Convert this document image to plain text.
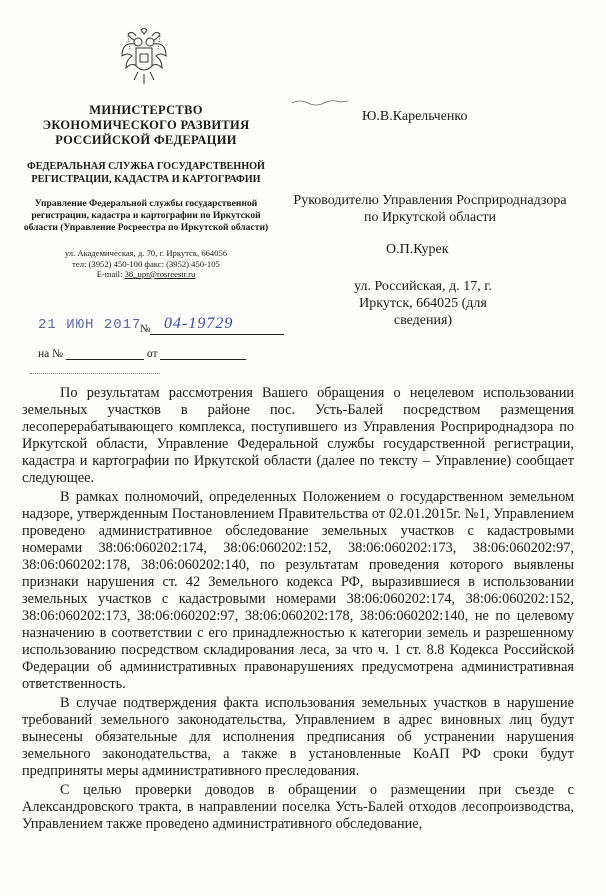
МИНИСТЕРСТВО ЭКОНОМИЧЕСКОГО РАЗВИТИЯ РОССИЙСКОЙ ФЕДЕРАЦИИ

ФЕДЕРАЛЬНАЯ СЛУЖБА ГОСУДАРСТВЕННОЙ РЕГИСТРАЦИИ, КАДАСТРА И КАРТОГРАФИИ

Управление Федеральной службы государственной регистрации, кадастра и картографии по Иркутской области (Управление Росреестра по Иркутской области)

ул. Академическая, д. 70, г. Иркутск, 664056
тел: (3952) 450-100 факс: (3952) 450-105
E-mail: 38_upr@rosreestr.ru
21 ИЮН 2017
№ 04-19729
на №	от
Ю.В.Карельченко
Руководителю Управления Росприроднадзора по Иркутской области
О.П.Курек
ул. Российская, д. 17, г. Иркутск, 664025 (для сведения)

По результатам рассмотрения Вашего обращения о нецелевом использовании земельных участков в районе пос. Усть-Балей посредством размещения лесоперерабатывающего комплекса, поступившего из Управления Росприроднадзора по Иркутской области, Управление Федеральной службы государственной регистрации, кадастра и картографии по Иркутской области (далее по тексту – Управление) сообщает следующее.

В рамках полномочий, определенных Положением о государственном земельном надзоре, утвержденным Постановлением Правительства от 02.01.2015г. №1, Управлением проведено административное обследование земельных участков с кадастровыми номерами 38:06:060202:174, 38:06:060202:152, 38:06:060202:173, 38:06:060202:97, 38:06:060202:178, 38:06:060202:140, по результатам проведения которого выявлены признаки нарушения ст. 42 Земельного кодекса РФ, выразившиеся в использовании земельных участков с кадастровыми номерами 38:06:060202:174, 38:06:060202:152, 38:06:060202:173, 38:06:060202:97, 38:06:060202:178, 38:06:060202:140, не по целевому назначению в соответствии с его принадлежностью к категории земель и разрешенному использованию посредством складирования леса, за что ч. 1 ст. 8.8 Кодекса Российской Федерации об административных правонарушениях предусмотрена административная ответственность.

В случае подтверждения факта использования земельных участков в нарушение требований земельного законодательства, Управлением в адрес виновных лиц будут вынесены обязательные для исполнения предписания об устранении нарушения земельного законодательства, а также в установленные КоАП РФ сроки будут предприняты меры административного преследования.

С целью проверки доводов в обращении о размещении при съезде с Александровского тракта, в направлении поселка Усть-Балей отходов лесопроизводства, Управлением также проведено административного обследование,
